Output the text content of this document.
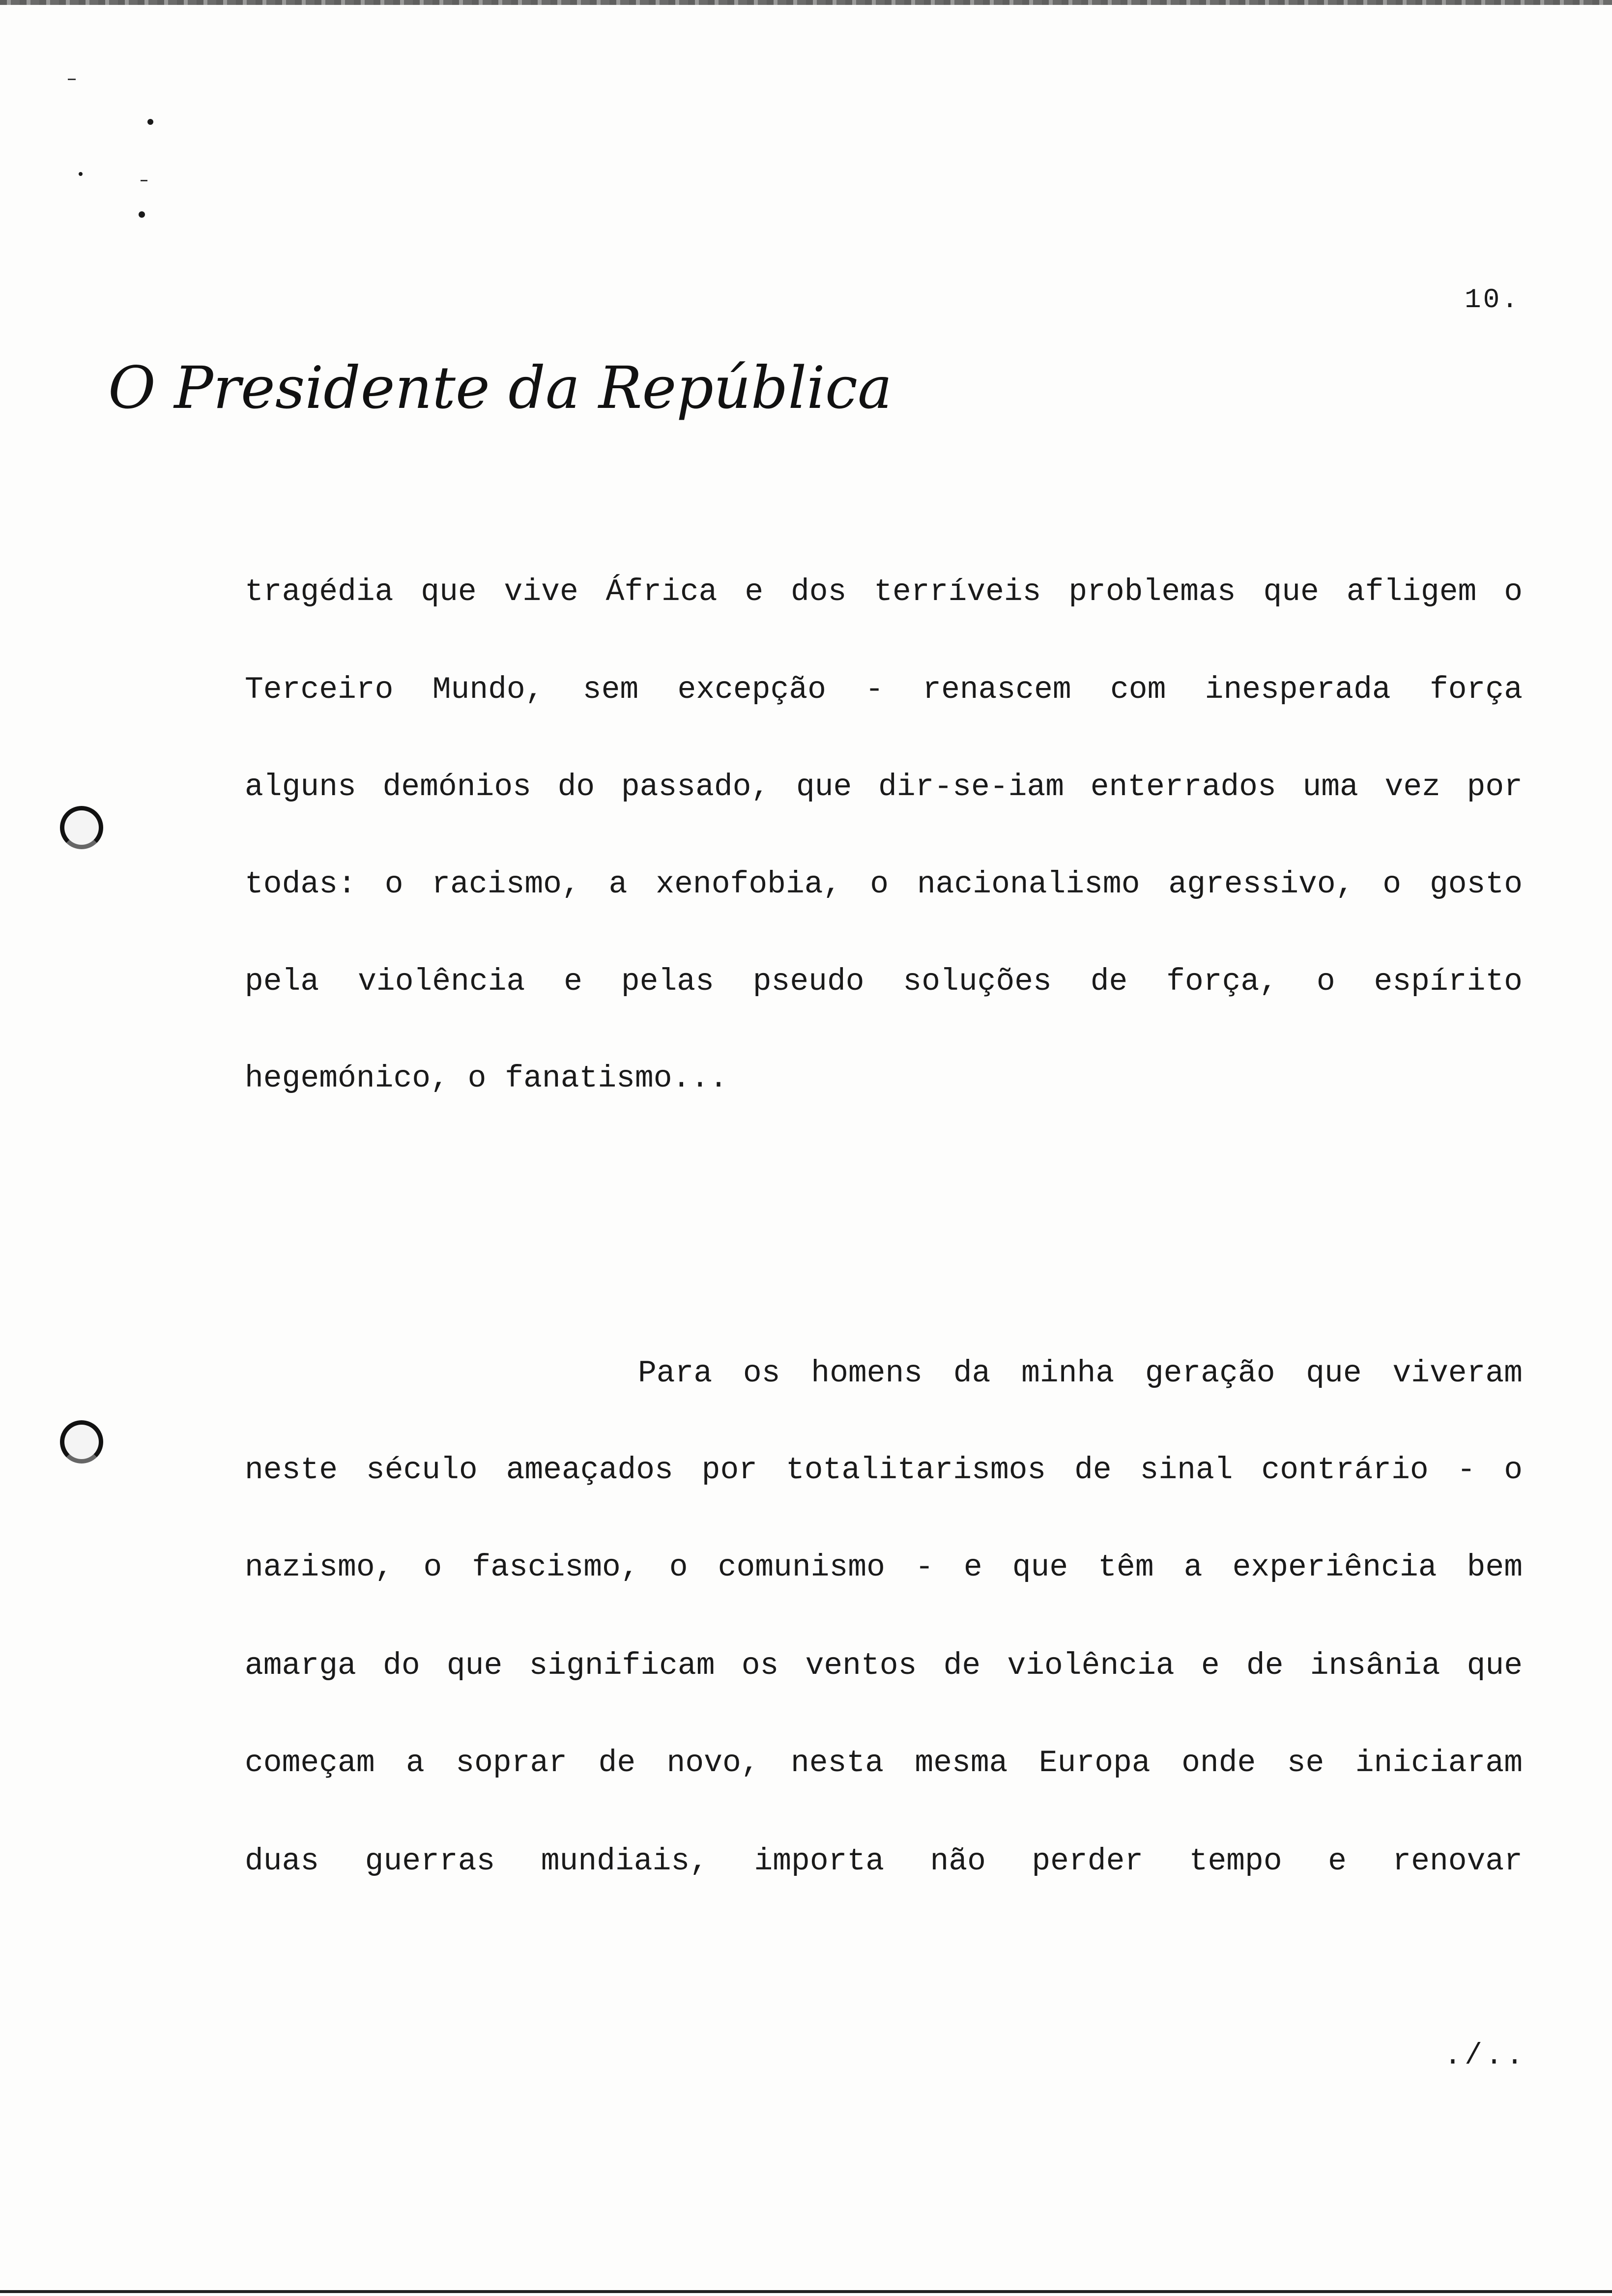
10.
O Presidente da República
tragédia que vive África e dos terríveis problemas que afligem o
Terceiro Mundo, sem excepção - renascem com inesperada força
alguns demónios do passado, que dir-se-iam enterrados uma vez por
todas: o racismo, a xenofobia, o nacionalismo agressivo, o gosto
pela violência e pelas pseudo soluções de força, o espírito
hegemónico, o fanatismo...
Para os homens da minha geração que viveram
neste século ameaçados por totalitarismos de sinal contrário - o
nazismo, o fascismo, o comunismo - e que têm a experiência bem
amarga do que significam os ventos de violência e de insânia que
começam a soprar de novo, nesta mesma Europa onde se iniciaram
duas guerras mundiais, importa não perder tempo e renovar
./..
